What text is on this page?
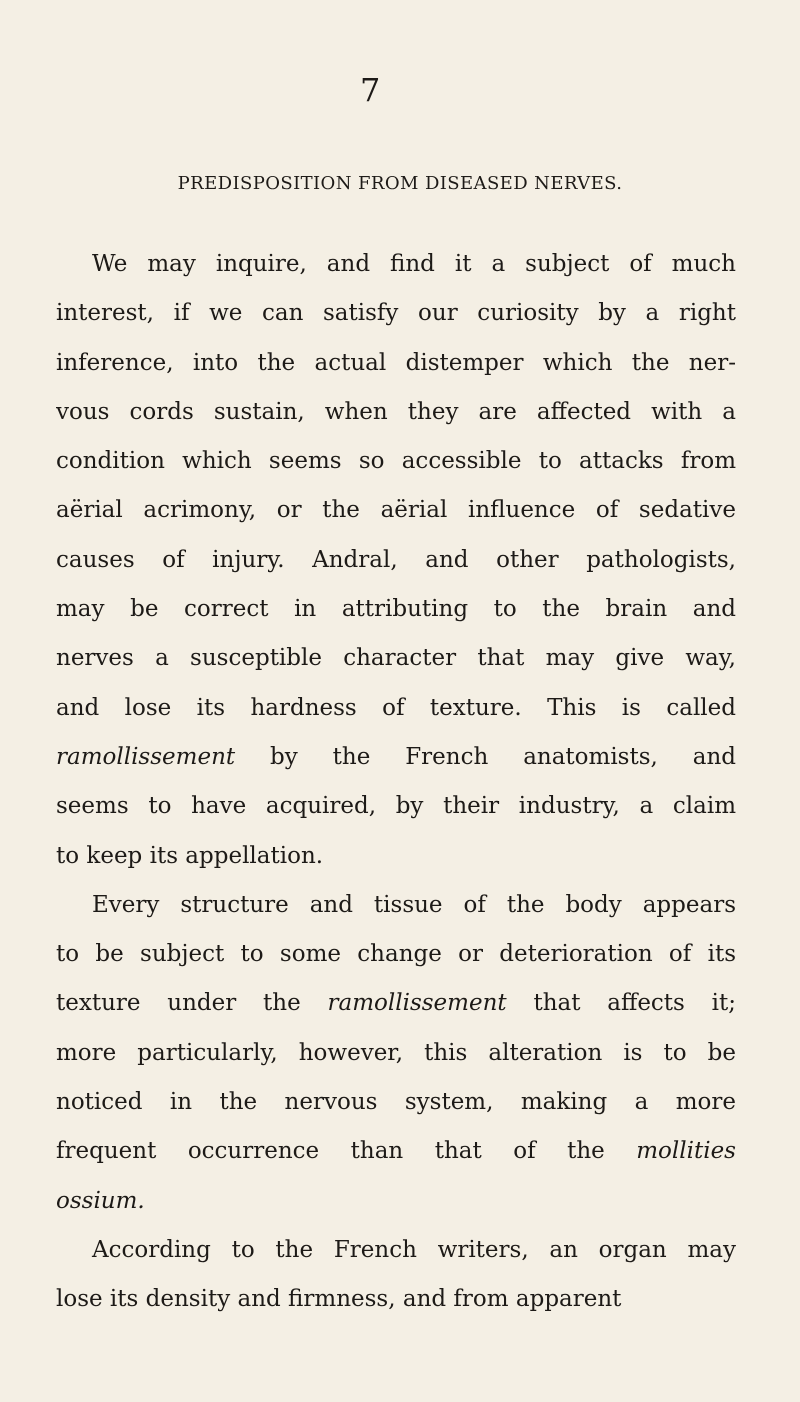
7
PREDISPOSITION FROM DISEASED NERVES.
We may inquire, and find it a subject of much
interest, if we can satisfy our curiosity by a right
inference, into the actual distemper which the ner-
vous cords sustain, when they are affected with a
condition which seems so accessible to attacks from
aërial acrimony, or the aërial influence of sedative
causes of injury. Andral, and other pathologists,
may be correct in attributing to the brain and
nerves a susceptible character that may give way,
and lose its hardness of texture. This is called
ramollissement by the French anatomists, and
seems to have acquired, by their industry, a claim
to keep its appellation.
Every structure and tissue of the body appears
to be subject to some change or deterioration of its
texture under the ramollissement that affects it;
more particularly, however, this alteration is to be
noticed in the nervous system, making a more
frequent occurrence than that of the mollities
ossium.
According to the French writers, an organ may
lose its density and firmness, and from apparent
